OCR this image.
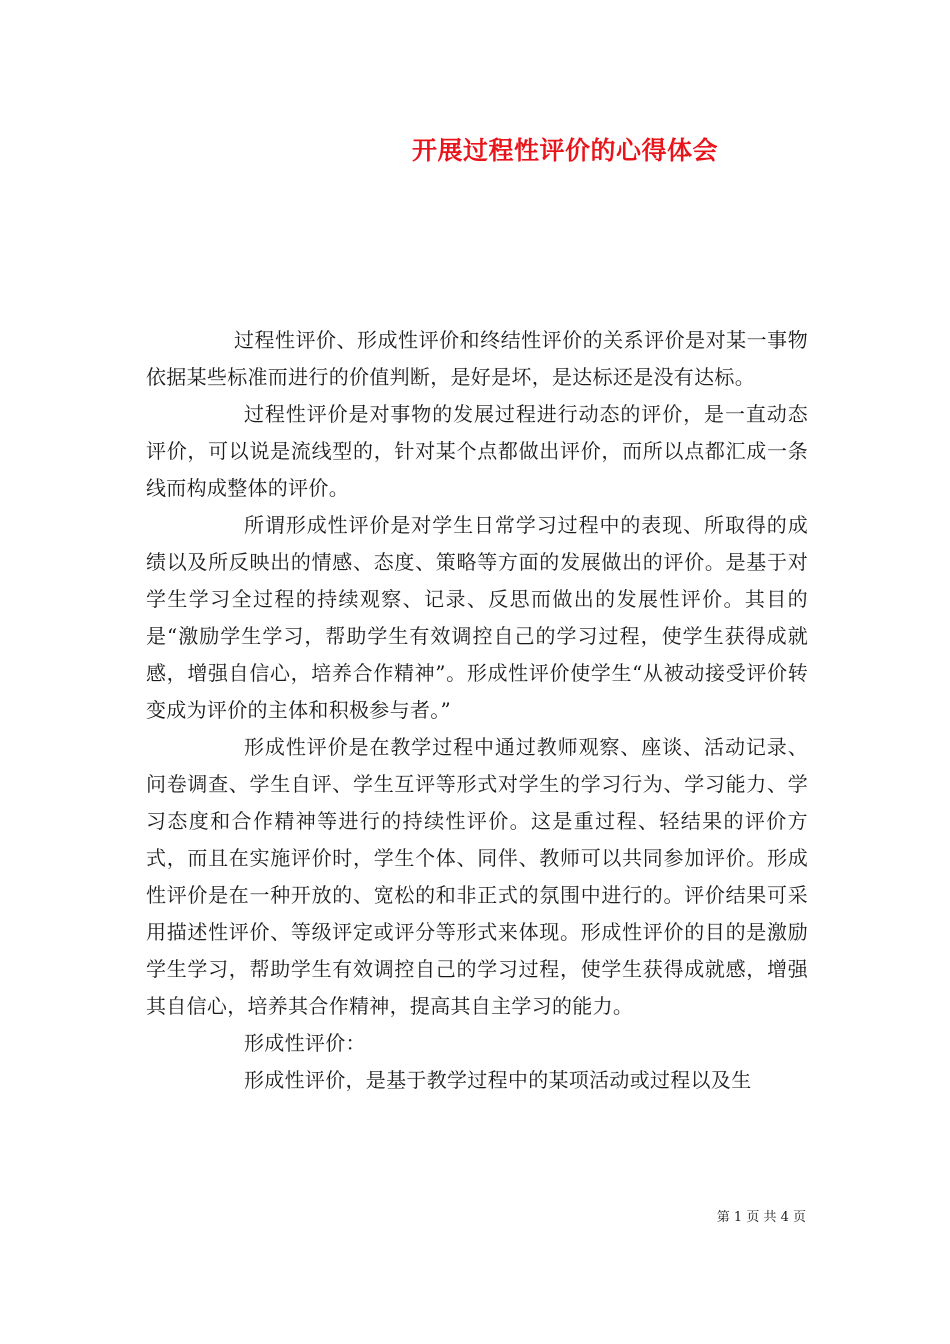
开展过程性评价的心得体会

过程性评价、形成性评价和终结性评价的关系评价是对某一事物依据某些标准而进行的价值判断，是好是坏，是达标还是没有达标。

过程性评价是对事物的发展过程进行动态的评价，是一直动态评价，可以说是流线型的，针对某个点都做出评价，而所以点都汇成一条线而构成整体的评价。

所谓形成性评价是对学生日常学习过程中的表现、所取得的成绩以及所反映出的情感、态度、策略等方面的发展做出的评价。是基于对学生学习全过程的持续观察、记录、反思而做出的发展性评价。其目的是“激励学生学习，帮助学生有效调控自己的学习过程，使学生获得成就感，增强自信心，培养合作精神”。形成性评价使学生“从被动接受评价转变成为评价的主体和积极参与者。”

形成性评价是在教学过程中通过教师观察、座谈、活动记录、问卷调查、学生自评、学生互评等形式对学生的学习行为、学习能力、学习态度和合作精神等进行的持续性评价。这是重过程、轻结果的评价方式，而且在实施评价时，学生个体、同伴、教师可以共同参加评价。形成性评价是在一种开放的、宽松的和非正式的氛围中进行的。评价结果可采用描述性评价、等级评定或评分等形式来体现。形成性评价的目的是激励学生学习，帮助学生有效调控自己的学习过程，使学生获得成就感，增强其自信心，培养其合作精神，提高其自主学习的能力。

形成性评价：

形成性评价，是基于教学过程中的某项活动或过程以及生

第 1 页 共 4 页
